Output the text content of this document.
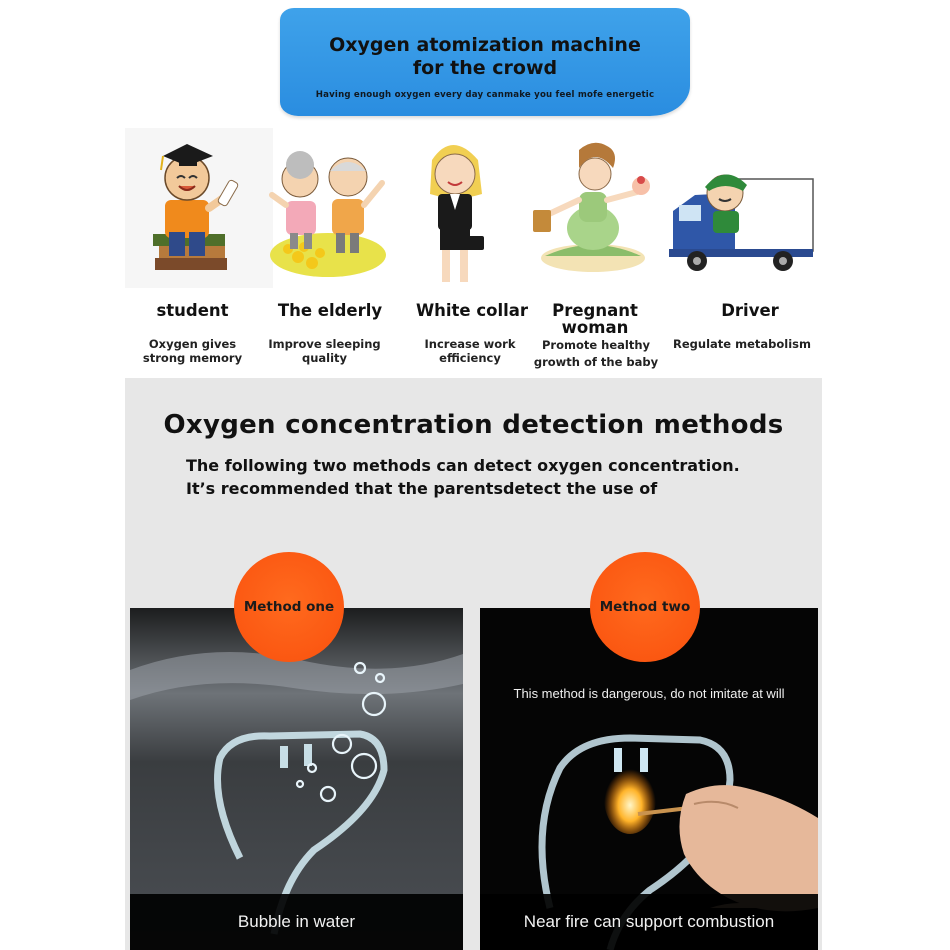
Oxygen atomization machine
for the crowd
Having enough oxygen every day canmake you feel mofe energetic
student
Oxygen gives
strong memory
The elderly
Improve sleeping
quality
White collar
Increase work
efficiency
Pregnant
woman
Promote healthy
growth of the baby
Driver
Regulate metabolism
Oxygen concentration detection methods
The following two methods can detect oxygen concentration.
It’s recommended that the parentsdetect the use of
Bubble in water
This method is dangerous, do not imitate at will
Near fire can support combustion
Method one	Method two
